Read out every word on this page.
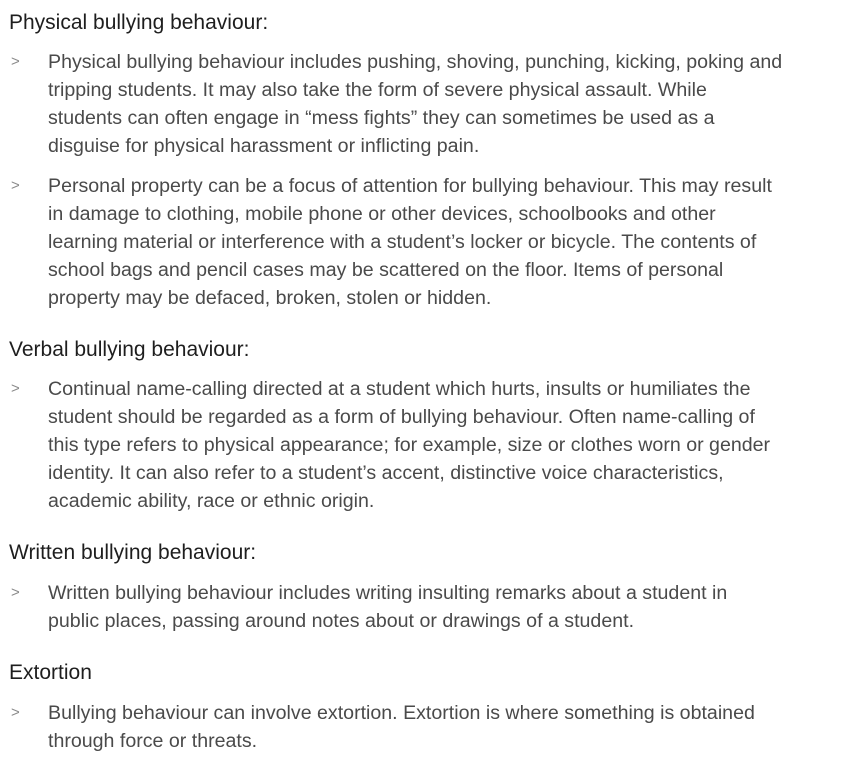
Physical bullying behaviour:
> Physical bullying behaviour includes pushing, shoving, punching, kicking, poking and
tripping students. It may also take the form of severe physical assault. While
students can often engage in “mess fights” they can sometimes be used as a
disguise for physical harassment or inflicting pain.

> Personal property can be a focus of attention for bullying behaviour. This may result
in damage to clothing, mobile phone or other devices, schoolbooks and other
learning material or interference with a student’s locker or bicycle. The contents of
school bags and pencil cases may be scattered on the floor. Items of personal
property may be defaced, broken, stolen or hidden.

Verbal bullying behaviour:
> Continual name-calling directed at a student which hurts, insults or humiliates the
student should be regarded as a form of bullying behaviour. Often name-calling of
this type refers to physical appearance; for example, size or clothes worn or gender
identity. It can also refer to a student’s accent, distinctive voice characteristics,
academic ability, race or ethnic origin.

Written bullying behaviour:
> Written bullying behaviour includes writing insulting remarks about a student in
public places, passing around notes about or drawings of a student.

Extortion
> Bullying behaviour can involve extortion. Extortion is where something is obtained
through force or threats.
